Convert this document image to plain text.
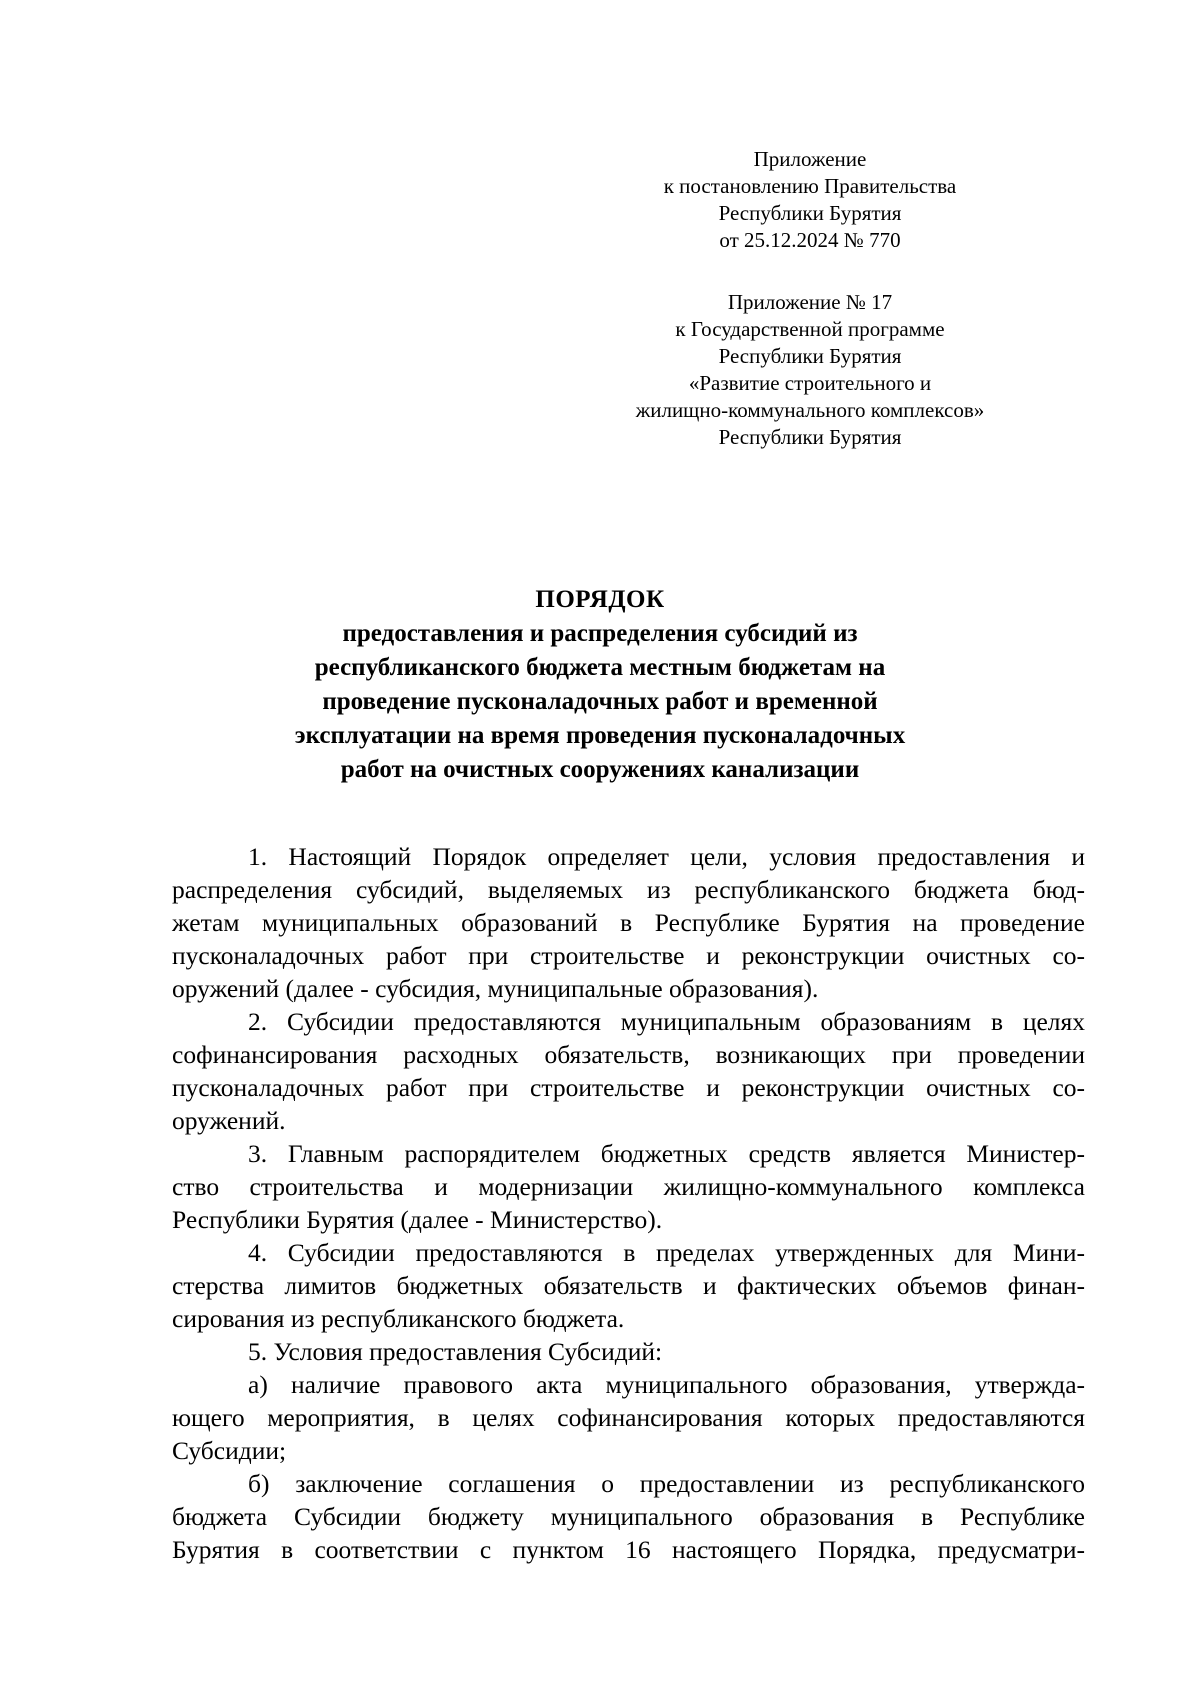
Приложение
к постановлению Правительства
Республики Бурятия
от 25.12.2024 № 770
Приложение № 17
к Государственной программе
Республики Бурятия
«Развитие строительного и
жилищно-коммунального комплексов»
Республики Бурятия
ПОРЯДОК
предоставления и распределения субсидий из
республиканского бюджета местным бюджетам на
проведение пусконаладочных работ и временной
эксплуатации на время проведения пусконаладочных
работ на очистных сооружениях канализации
1. Настоящий Порядок определяет цели, условия предоставления и
распределения субсидий, выделяемых из республиканского бюджета бюд-
жетам муниципальных образований в Республике Бурятия на проведение
пусконаладочных работ при строительстве и реконструкции очистных со-
оружений (далее - субсидия, муниципальные образования).
2. Субсидии предоставляются муниципальным образованиям в целях
софинансирования расходных обязательств, возникающих при проведении
пусконаладочных работ при строительстве и реконструкции очистных со-
оружений.
3. Главным распорядителем бюджетных средств является Министер-
ство строительства и модернизации жилищно-коммунального комплекса
Республики Бурятия (далее - Министерство).
4. Субсидии предоставляются в пределах утвержденных для Мини-
стерства лимитов бюджетных обязательств и фактических объемов финан-
сирования из республиканского бюджета.
5. Условия предоставления Субсидий:
а) наличие правового акта муниципального образования, утвержда-
ющего мероприятия, в целях софинансирования которых предоставляются
Субсидии;
б) заключение соглашения о предоставлении из республиканского
бюджета Субсидии бюджету муниципального образования в Республике
Бурятия в соответствии с пунктом 16 настоящего Порядка, предусматри-
